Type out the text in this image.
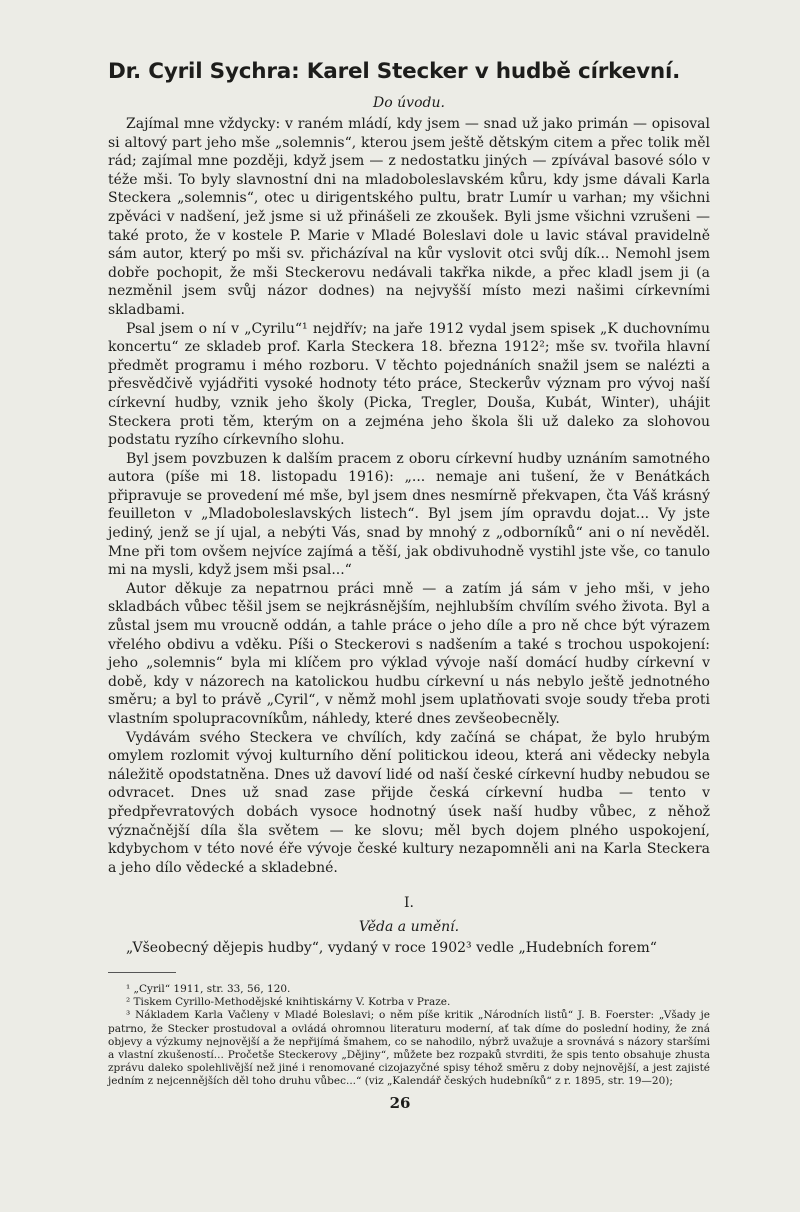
Dr. Cyril Sychra: Karel Stecker v hudbě církevní.
Do úvodu.

Zajímal mne vždycky: v raném mládí, kdy jsem — snad už jako primán — opisoval si altový part jeho mše „solemnis“, kterou jsem ještě dětským citem a přec tolik měl rád; zajímal mne později, když jsem — z nedostatku jiných — zpívával basové sólo v téže mši. To byly slavnostní dni na mladoboleslavském kůru, kdy jsme dávali Karla Steckera „solemnis“, otec u dirigentského pultu, bratr Lumír u varhan; my všichni zpěváci v nadšení, jež jsme si už přinášeli ze zkoušek. Byli jsme všichni vzrušeni — také proto, že v kostele P. Marie v Mladé Boleslavi dole u lavic stával pravidelně sám autor, který po mši sv. přicházíval na kůr vyslovit otci svůj dík... Nemohl jsem dobře pochopit, že mši Steckerovu nedávali takřka nikde, a přec kladl jsem ji (a nezměnil jsem svůj názor dodnes) na nejvyšší místo mezi našimi církevními skladbami.

Psal jsem o ní v „Cyrilu“¹ nejdřív; na jaře 1912 vydal jsem spisek „K duchovnímu koncertu“ ze skladeb prof. Karla Steckera 18. března 1912²; mše sv. tvořila hlavní předmět programu i mého rozboru. V těchto pojednáních snažil jsem se nalézti a přesvědčivě vyjádřiti vysoké hodnoty této práce, Steckerův význam pro vývoj naší církevní hudby, vznik jeho školy (Picka, Tregler, Douša, Kubát, Winter), uhájit Steckera proti těm, kterým on a zejména jeho škola šli už daleko za slohovou podstatu ryzího církevního slohu.

Byl jsem povzbuzen k dalším pracem z oboru církevní hudby uznáním samotného autora (píše mi 18. listopadu 1916): „... nemaje ani tušení, že v Benátkách připravuje se provedení mé mše, byl jsem dnes nesmírně překvapen, čta Váš krásný feuilleton v „Mladoboleslavských listech“. Byl jsem jím opravdu dojat... Vy jste jediný, jenž se jí ujal, a nebýti Vás, snad by mnohý z „odborníků“ ani o ní nevěděl. Mne při tom ovšem nejvíce zajímá a těší, jak obdivuhodně vystihl jste vše, co tanulo mi na mysli, když jsem mši psal...“

Autor děkuje za nepatrnou práci mně — a zatím já sám v jeho mši, v jeho skladbách vůbec těšil jsem se nejkrásnějším, nejhlubším chvílím svého života. Byl a zůstal jsem mu vroucně oddán, a tahle práce o jeho díle a pro ně chce být výrazem vřelého obdivu a vděku. Píši o Steckerovi s nadšením a také s trochou uspokojení: jeho „solemnis“ byla mi klíčem pro výklad vývoje naší domácí hudby církevní v době, kdy v názorech na katolickou hudbu církevní u nás nebylo ještě jednotného směru; a byl to právě „Cyril“, v němž mohl jsem uplatňovati svoje soudy třeba proti vlastním spolupracovníkům, náhledy, které dnes zevšeobecněly.

Vydávám svého Steckera ve chvílích, kdy začíná se chápat, že bylo hrubým omylem rozlomit vývoj kulturního dění politickou ideou, která ani vědecky nebyla náležitě opodstatněna. Dnes už davoví lidé od naší české církevní hudby nebudou se odvracet. Dnes už snad zase přijde česká církevní hudba — tento v předpřevratových dobách vysoce hodnotný úsek naší hudby vůbec, z něhož význačnější díla šla světem — ke slovu; měl bych dojem plného uspokojení, kdybychom v této nové éře vývoje české kultury nezapomněli ani na Karla Steckera a jeho dílo vědecké a skladebné.

I.
Věda a umění.

„Všeobecný dějepis hudby“, vydaný v roce 1902³ vedle „Hudebních forem“

¹ „Cyril“ 1911, str. 33, 56, 120.

² Tiskem Cyrillo-Methodějské knihtiskárny V. Kotrba v Praze.

³ Nákladem Karla Vačleny v Mladé Boleslavi; o něm píše kritik „Národních listů“ J. B. Foerster: „Všady je patrno, že Stecker prostudoval a ovládá ohromnou literaturu moderní, ať tak díme do poslední hodiny, že zná objevy a výzkumy nejnovější a že nepřijímá šmahem, co se nahodilo, nýbrž uvažuje a srovnává s názory staršími a vlastní zkušeností... Pročetše Steckerovy „Dějiny“, můžete bez rozpaků stvrditi, že spis tento obsahuje zhusta zprávu daleko spolehlivější než jiné i renomované cizojazyčné spisy téhož směru z doby nejnovější, a jest zajisté jedním z nejcennějších děl toho druhu vůbec...“ (viz „Kalendář českých hudebníků“ z r. 1895, str. 19—20);

26
